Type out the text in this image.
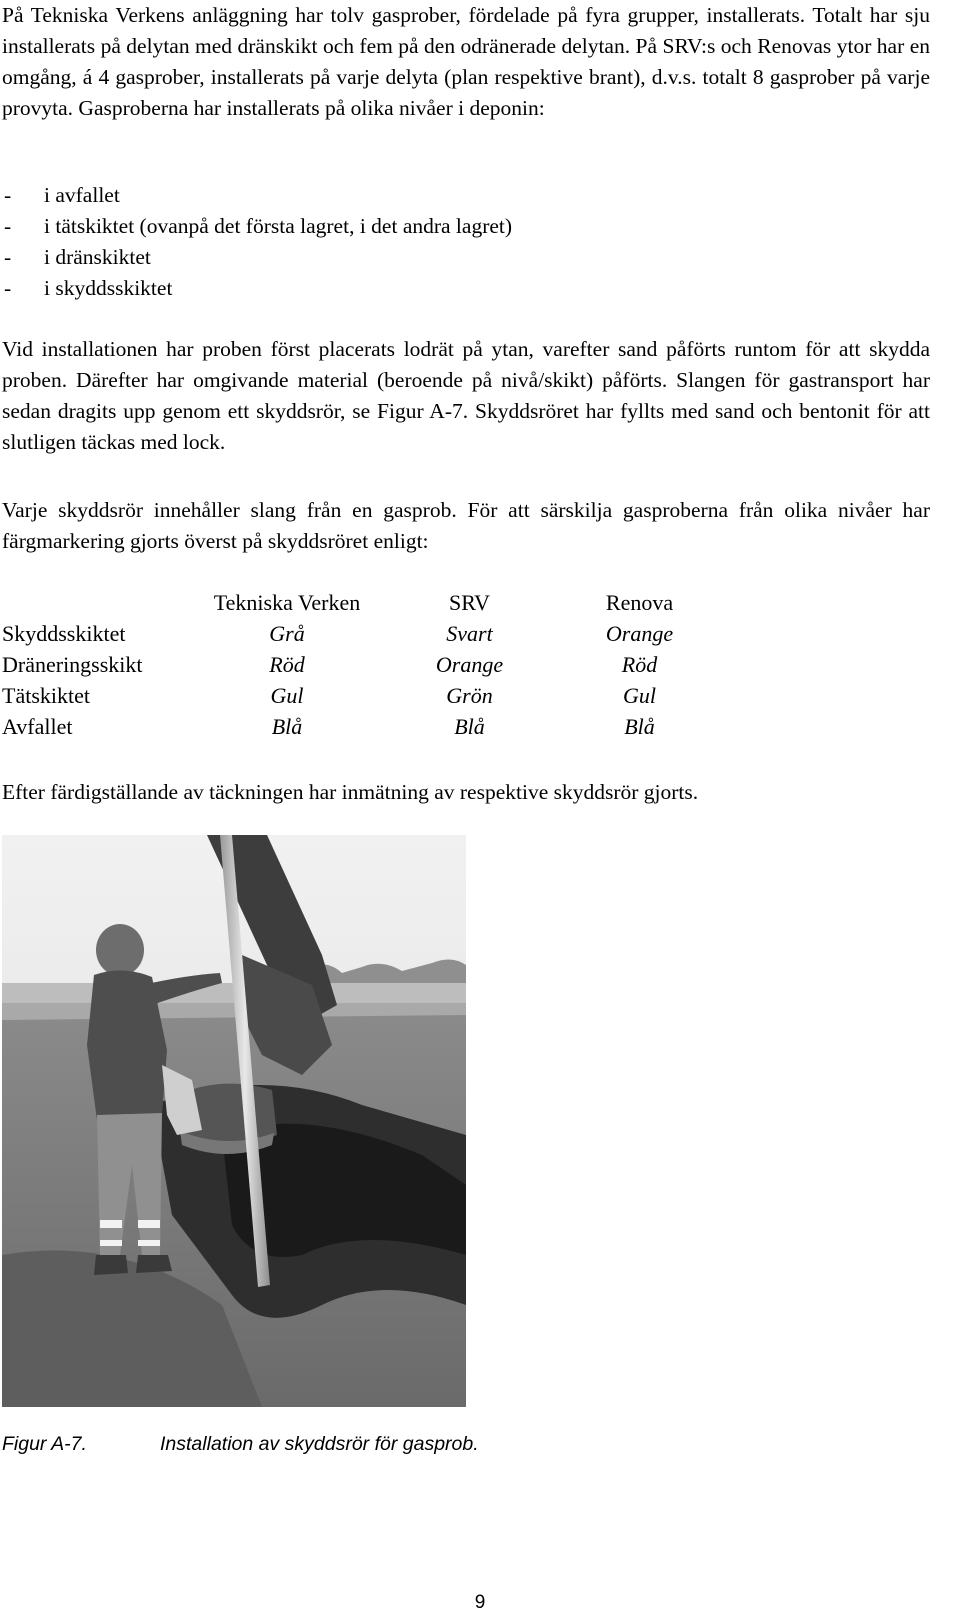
På Tekniska Verkens anläggning har tolv gasprober, fördelade på fyra grupper, installerats. Totalt har sju installerats på delytan med dränskikt och fem på den odränerade delytan. På SRV:s och Renovas ytor har en omgång, á 4 gasprober, installerats på varje delyta (plan respektive brant), d.v.s. totalt 8 gasprober på varje provyta. Gasproberna har installerats på olika nivåer i deponin:

-	i avfallet
-	i tätskiktet (ovanpå det första lagret, i det andra lagret)
-	i dränskiktet
-	i skyddsskiktet

Vid installationen har proben först placerats lodrät på ytan, varefter sand påförts runtom för att skydda proben. Därefter har omgivande material (beroende på nivå/skikt) påförts. Slangen för gastransport har sedan dragits upp genom ett skyddsrör, se Figur A-7. Skyddsröret har fyllts med sand och bentonit för att slutligen täckas med lock.

Varje skyddsrör innehåller slang från en gasprob. För att särskilja gasproberna från olika nivåer har färgmarkering gjorts överst på skyddsröret enligt:

	Tekniska Verken	SRV	Renova
Skyddsskiktet	Grå	Svart	Orange
Dräneringsskikt	Röd	Orange	Röd
Tätskiktet	Gul	Grön	Gul
Avfallet	Blå	Blå	Blå

Efter färdigställande av täckningen har inmätning av respektive skyddsrör gjorts.

Figur A-7.	Installation av skyddsrör för gasprob.
9
